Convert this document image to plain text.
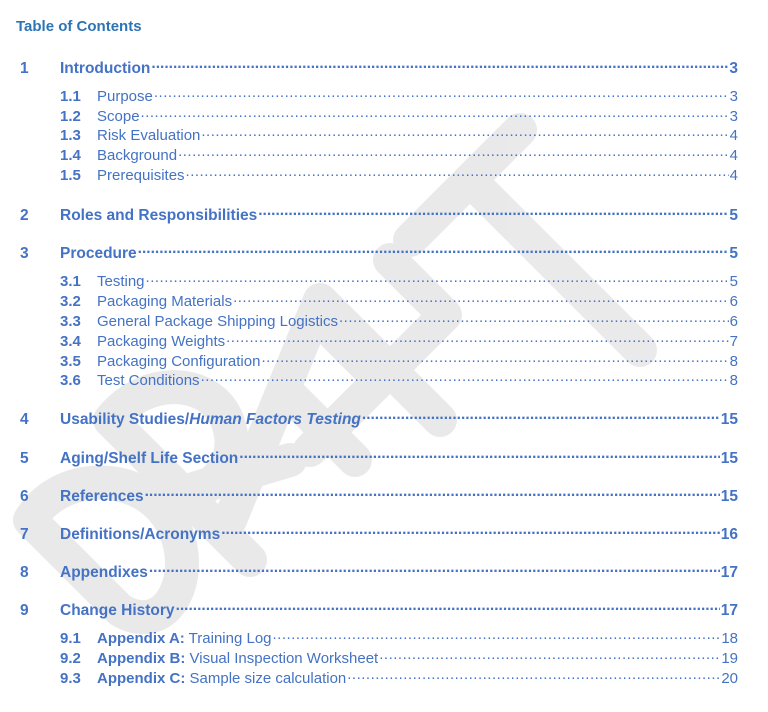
Table of Contents
1	Introduction .....	3
1.1	Purpose .....	3
1.2	Scope .....	3
1.3	Risk Evaluation .....	4
1.4	Background .....	4
1.5	Prerequisites .....	4
2	Roles and Responsibilities .....	5
3	Procedure .....	5
3.1	Testing .....	5
3.2	Packaging Materials .....	6
3.3	General Package Shipping Logistics .....	6
3.4	Packaging Weights .....	7
3.5	Packaging Configuration .....	8
3.6	Test Conditions .....	8
4	Usability Studies/Human Factors Testing .....	15
5	Aging/Shelf Life Section .....	15
6	References .....	15
7	Definitions/Acronyms .....	16
8	Appendixes .....	17
9	Change History .....	17
9.1	Appendix A: Training Log .....	18
9.2	Appendix B: Visual Inspection Worksheet .....	19
9.3	Appendix C: Sample size calculation .....	20
